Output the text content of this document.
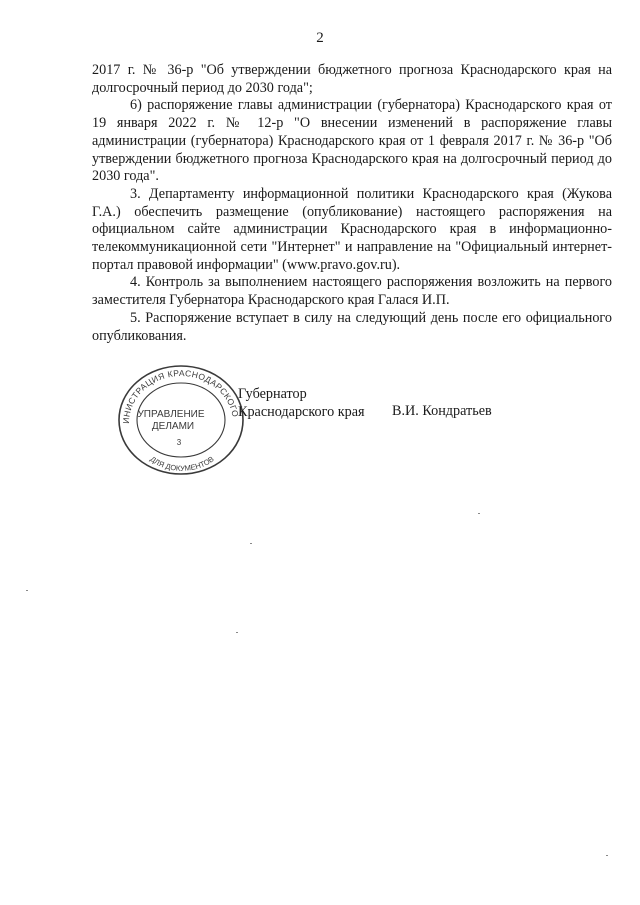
2

2017 г. № 36-р "Об утверждении бюджетного прогноза Краснодарского края на долгосрочный период до 2030 года";

6) распоряжение главы администрации (губернатора) Краснодарского края от 19 января 2022 г. № 12-р "О внесении изменений в распоряжение главы администрации (губернатора) Краснодарского края от 1 февраля 2017 г. № 36-р "Об утверждении бюджетного прогноза Краснодарского края на долгосрочный период до 2030 года".

3. Департаменту информационной политики Краснодарского края (Жукова Г.А.) обеспечить размещение (опубликование) настоящего распоряжения на официальном сайте администрации Краснодарского края в информационно-телекоммуникационной сети "Интернет" и направление на "Официальный интернет-портал правовой информации" (www.pravo.gov.ru).

4. Контроль за выполнением настоящего распоряжения возложить на первого заместителя Губернатора Краснодарского края Галася И.П.

5. Распоряжение вступает в силу на следующий день после его официального опубликования.

ИНИСТРАЦИЯ КРАСНОДАРСКОГО
ДЛЯ ДОКУМЕНТОВ
УПРАВЛЕНИЕ
ДЕЛАМИ
3
Губернатор
Краснодарского края	В.И. Кондратьев
